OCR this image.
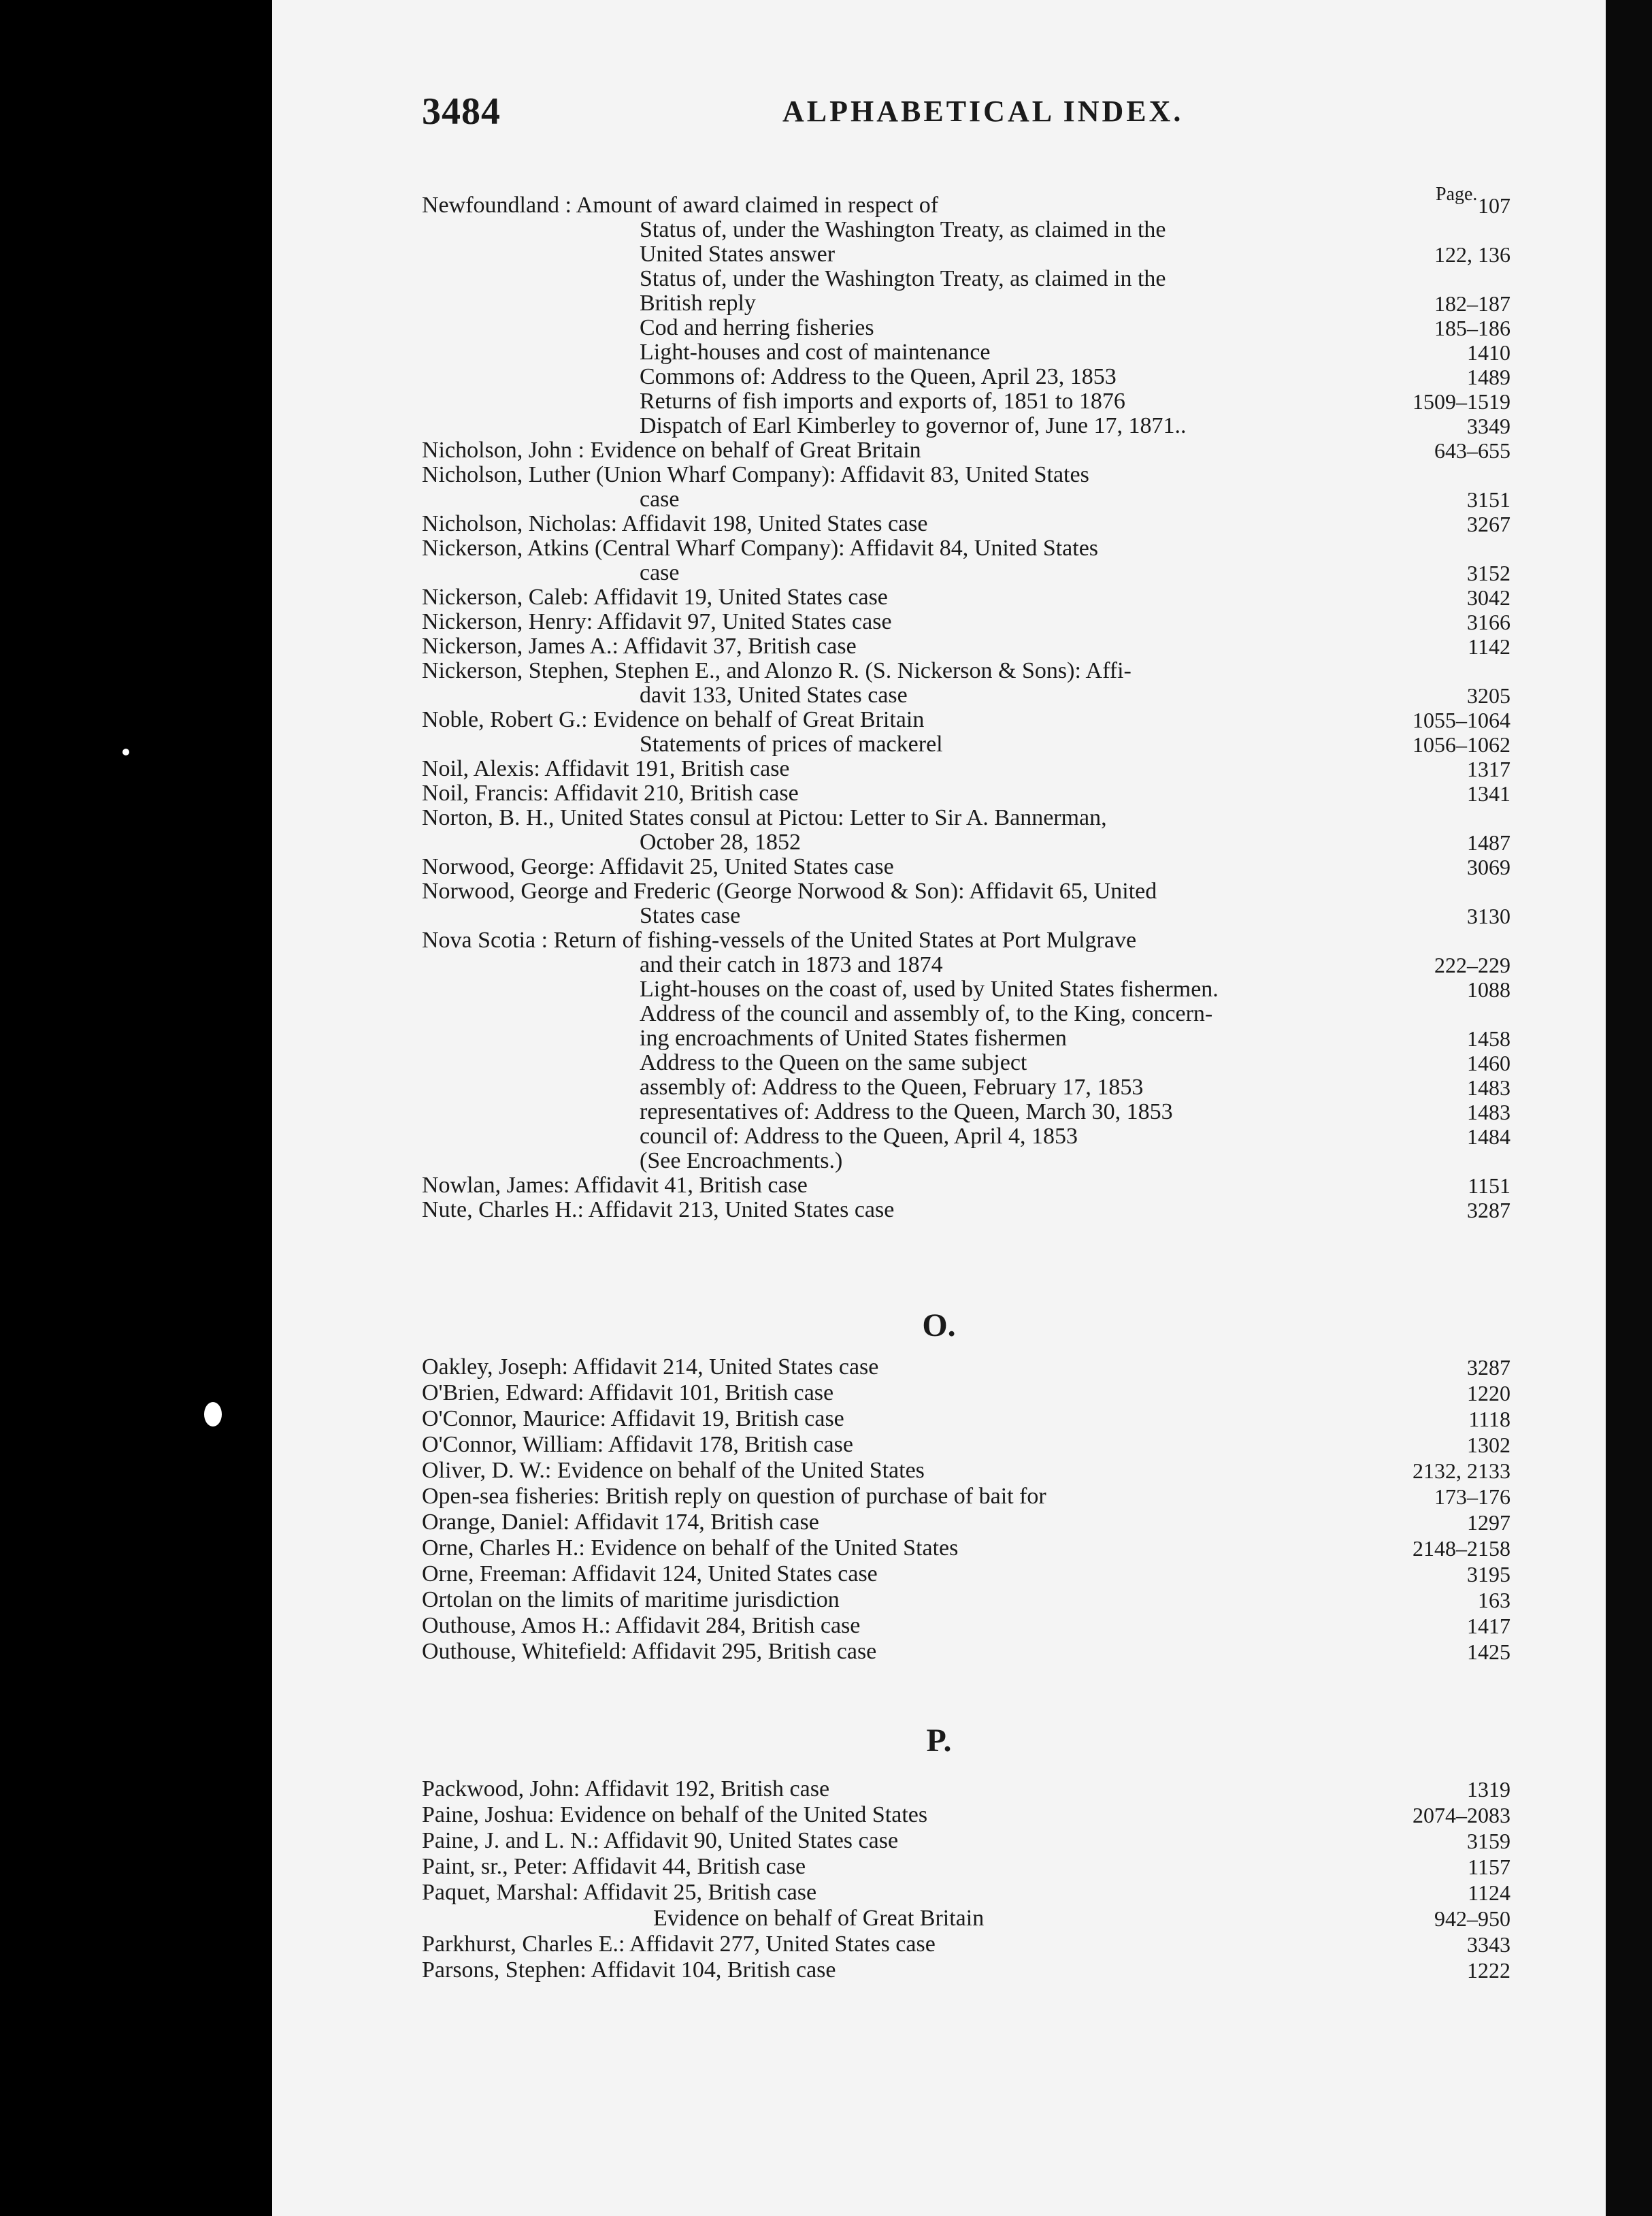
3484	ALPHABETICAL INDEX.
Page.
Newfoundland : Amount of award claimed in respect of	107
Status of, under the Washington Treaty, as claimed in the
United States answer	122, 136
Status of, under the Washington Treaty, as claimed in the
British reply	182–187
Cod and herring fisheries	185–186
Light-houses and cost of maintenance	1410
Commons of: Address to the Queen, April 23, 1853	1489
Returns of fish imports and exports of, 1851 to 1876	1509–1519
Dispatch of Earl Kimberley to governor of, June 17, 1871..	3349
Nicholson, John : Evidence on behalf of Great Britain	643–655
Nicholson, Luther (Union Wharf Company): Affidavit 83, United States
case	3151
Nicholson, Nicholas: Affidavit 198, United States case	3267
Nickerson, Atkins (Central Wharf Company): Affidavit 84, United States
case	3152
Nickerson, Caleb: Affidavit 19, United States case	3042
Nickerson, Henry: Affidavit 97, United States case	3166
Nickerson, James A.: Affidavit 37, British case	1142
Nickerson, Stephen, Stephen E., and Alonzo R. (S. Nickerson & Sons): Affi-
davit 133, United States case	3205
Noble, Robert G.: Evidence on behalf of Great Britain	1055–1064
Statements of prices of mackerel	1056–1062
Noil, Alexis: Affidavit 191, British case	1317
Noil, Francis: Affidavit 210, British case	1341
Norton, B. H., United States consul at Pictou: Letter to Sir A. Bannerman,
October 28, 1852	1487
Norwood, George: Affidavit 25, United States case	3069
Norwood, George and Frederic (George Norwood & Son): Affidavit 65, United
States case	3130
Nova Scotia : Return of fishing-vessels of the United States at Port Mulgrave
and their catch in 1873 and 1874	222–229
Light-houses on the coast of, used by United States fishermen.	1088
Address of the council and assembly of, to the King, concern-
ing encroachments of United States fishermen	1458
Address to the Queen on the same subject	1460
assembly of: Address to the Queen, February 17, 1853	1483
representatives of: Address to the Queen, March 30, 1853	1483
council of: Address to the Queen, April 4, 1853	1484
(See Encroachments.)
Nowlan, James: Affidavit 41, British case	1151
Nute, Charles H.: Affidavit 213, United States case	3287
O.
Oakley, Joseph: Affidavit 214, United States case	3287
O'Brien, Edward: Affidavit 101, British case	1220
O'Connor, Maurice: Affidavit 19, British case	1118
O'Connor, William: Affidavit 178, British case	1302
Oliver, D. W.: Evidence on behalf of the United States	2132, 2133
Open-sea fisheries: British reply on question of purchase of bait for	173–176
Orange, Daniel: Affidavit 174, British case	1297
Orne, Charles H.: Evidence on behalf of the United States	2148–2158
Orne, Freeman: Affidavit 124, United States case	3195
Ortolan on the limits of maritime jurisdiction	163
Outhouse, Amos H.: Affidavit 284, British case	1417
Outhouse, Whitefield: Affidavit 295, British case	1425
P.
Packwood, John: Affidavit 192, British case	1319
Paine, Joshua: Evidence on behalf of the United States	2074–2083
Paine, J. and L. N.: Affidavit 90, United States case	3159
Paint, sr., Peter: Affidavit 44, British case	1157
Paquet, Marshal: Affidavit 25, British case	1124
Evidence on behalf of Great Britain	942–950
Parkhurst, Charles E.: Affidavit 277, United States case	3343
Parsons, Stephen: Affidavit 104, British case	1222
